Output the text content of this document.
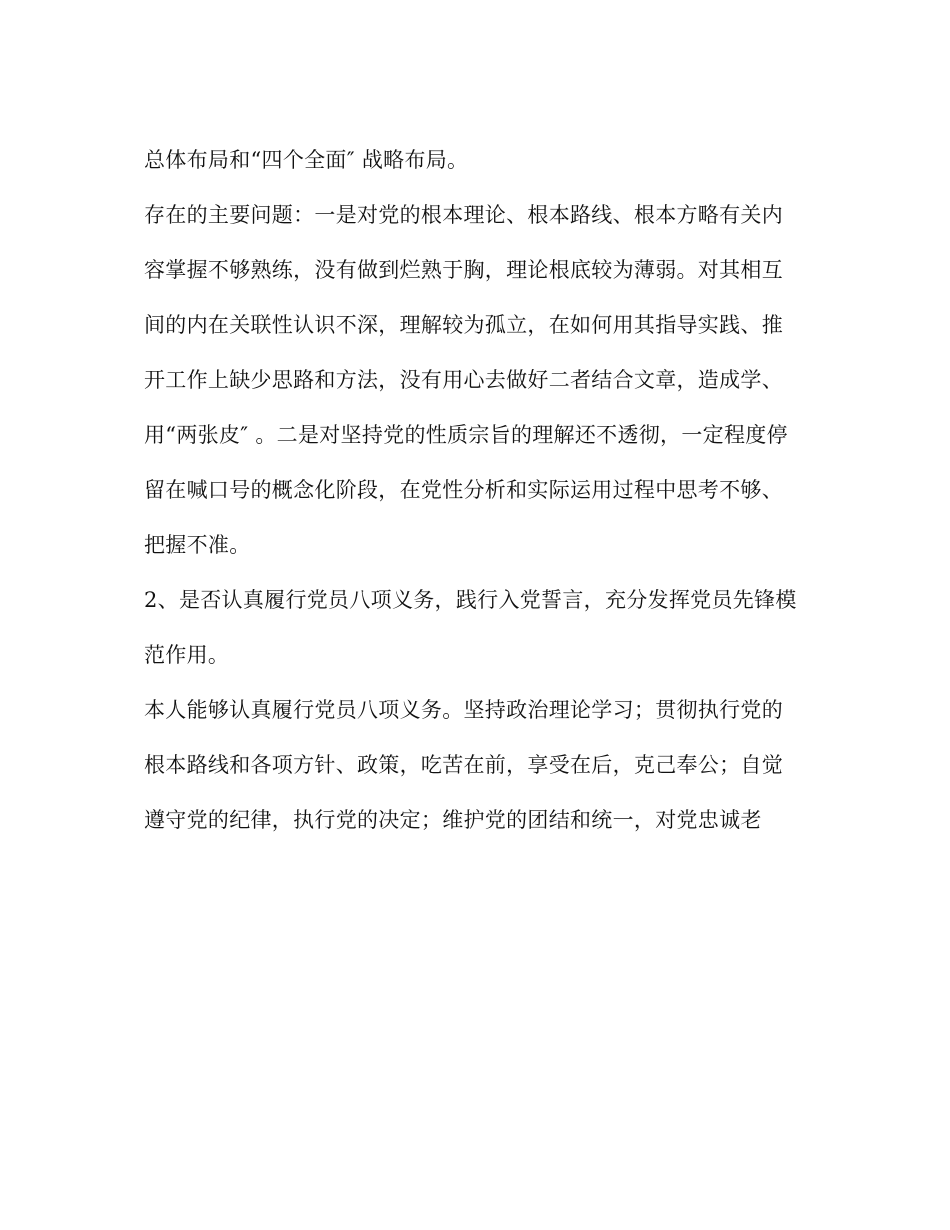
总体布局和“四个全面″ 战略布局。
存在的主要问题：一是对党的根本理论、根本路线、根本方略有关内
容掌握不够熟练，没有做到烂熟于胸，理论根底较为薄弱。对其相互
间的内在关联性认识不深，理解较为孤立，在如何用其指导实践、推
开工作上缺少思路和方法，没有用心去做好二者结合文章，造成学、
用“两张皮″ 。二是对坚持党的性质宗旨的理解还不透彻，一定程度停
留在喊口号的概念化阶段，在党性分析和实际运用过程中思考不够、
把握不准。
2、是否认真履行党员八项义务，践行入党誓言，充分发挥党员先锋模
范作用。
本人能够认真履行党员八项义务。坚持政治理论学习；贯彻执行党的
根本路线和各项方针、政策，吃苦在前，享受在后，克己奉公；自觉
遵守党的纪律，执行党的决定；维护党的团结和统一，对党忠诚老
